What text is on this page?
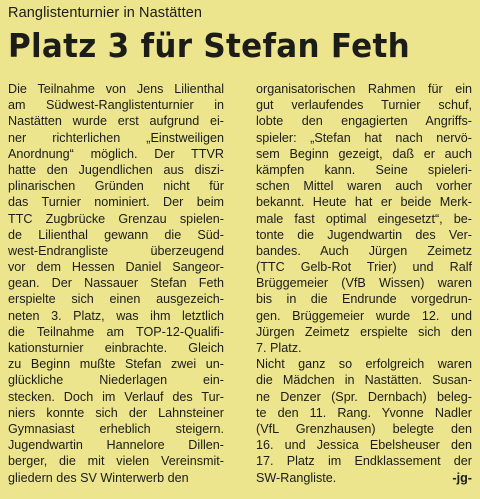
Ranglistenturnier in Nastätten
Platz 3 für Stefan Feth
Die Teilnahme von Jens Lilienthal
am Südwest-Ranglistenturnier in
Nastätten wurde erst aufgrund ei-
ner richterlichen „Einstweiligen
Anordnung“ möglich. Der TTVR
hatte den Jugendlichen aus diszi-
plinarischen Gründen nicht für
das Turnier nominiert. Der beim
TTC Zugbrücke Grenzau spielen-
de Lilienthal gewann die Süd-
west-Endrangliste überzeugend
vor dem Hessen Daniel Sangeor-
gean. Der Nassauer Stefan Feth
erspielte sich einen ausgezeich-
neten 3. Platz, was ihm letztlich
die Teilnahme am TOP-12-Qualifi-
kationsturnier einbrachte. Gleich
zu Beginn mußte Stefan zwei un-
glückliche Niederlagen ein-
stecken. Doch im Verlauf des Tur-
niers konnte sich der Lahnsteiner
Gymnasiast erheblich steigern.
Jugendwartin Hannelore Dillen-
berger, die mit vielen Vereinsmit-
gliedern des SV Winterwerb den
organisatorischen Rahmen für ein
gut verlaufendes Turnier schuf,
lobte den engagierten Angriffs-
spieler: „Stefan hat nach nervö-
sem Beginn gezeigt, daß er auch
kämpfen kann. Seine spieleri-
schen Mittel waren auch vorher
bekannt. Heute hat er beide Merk-
male fast optimal eingesetzt“, be-
tonte die Jugendwartin des Ver-
bandes. Auch Jürgen Zeimetz
(TTC Gelb-Rot Trier) und Ralf
Brüggemeier (VfB Wissen) waren
bis in die Endrunde vorgedrun-
gen. Brüggemeier wurde 12. und
Jürgen Zeimetz erspielte sich den
7. Platz.
Nicht ganz so erfolgreich waren
die Mädchen in Nastätten. Susan-
ne Denzer (Spr. Dernbach) beleg-
te den 11. Rang. Yvonne Nadler
(VfL Grenzhausen) belegte den
16. und Jessica Ebelsheuser den
17. Platz im Endklassement der
SW-Rangliste.	-jg-
